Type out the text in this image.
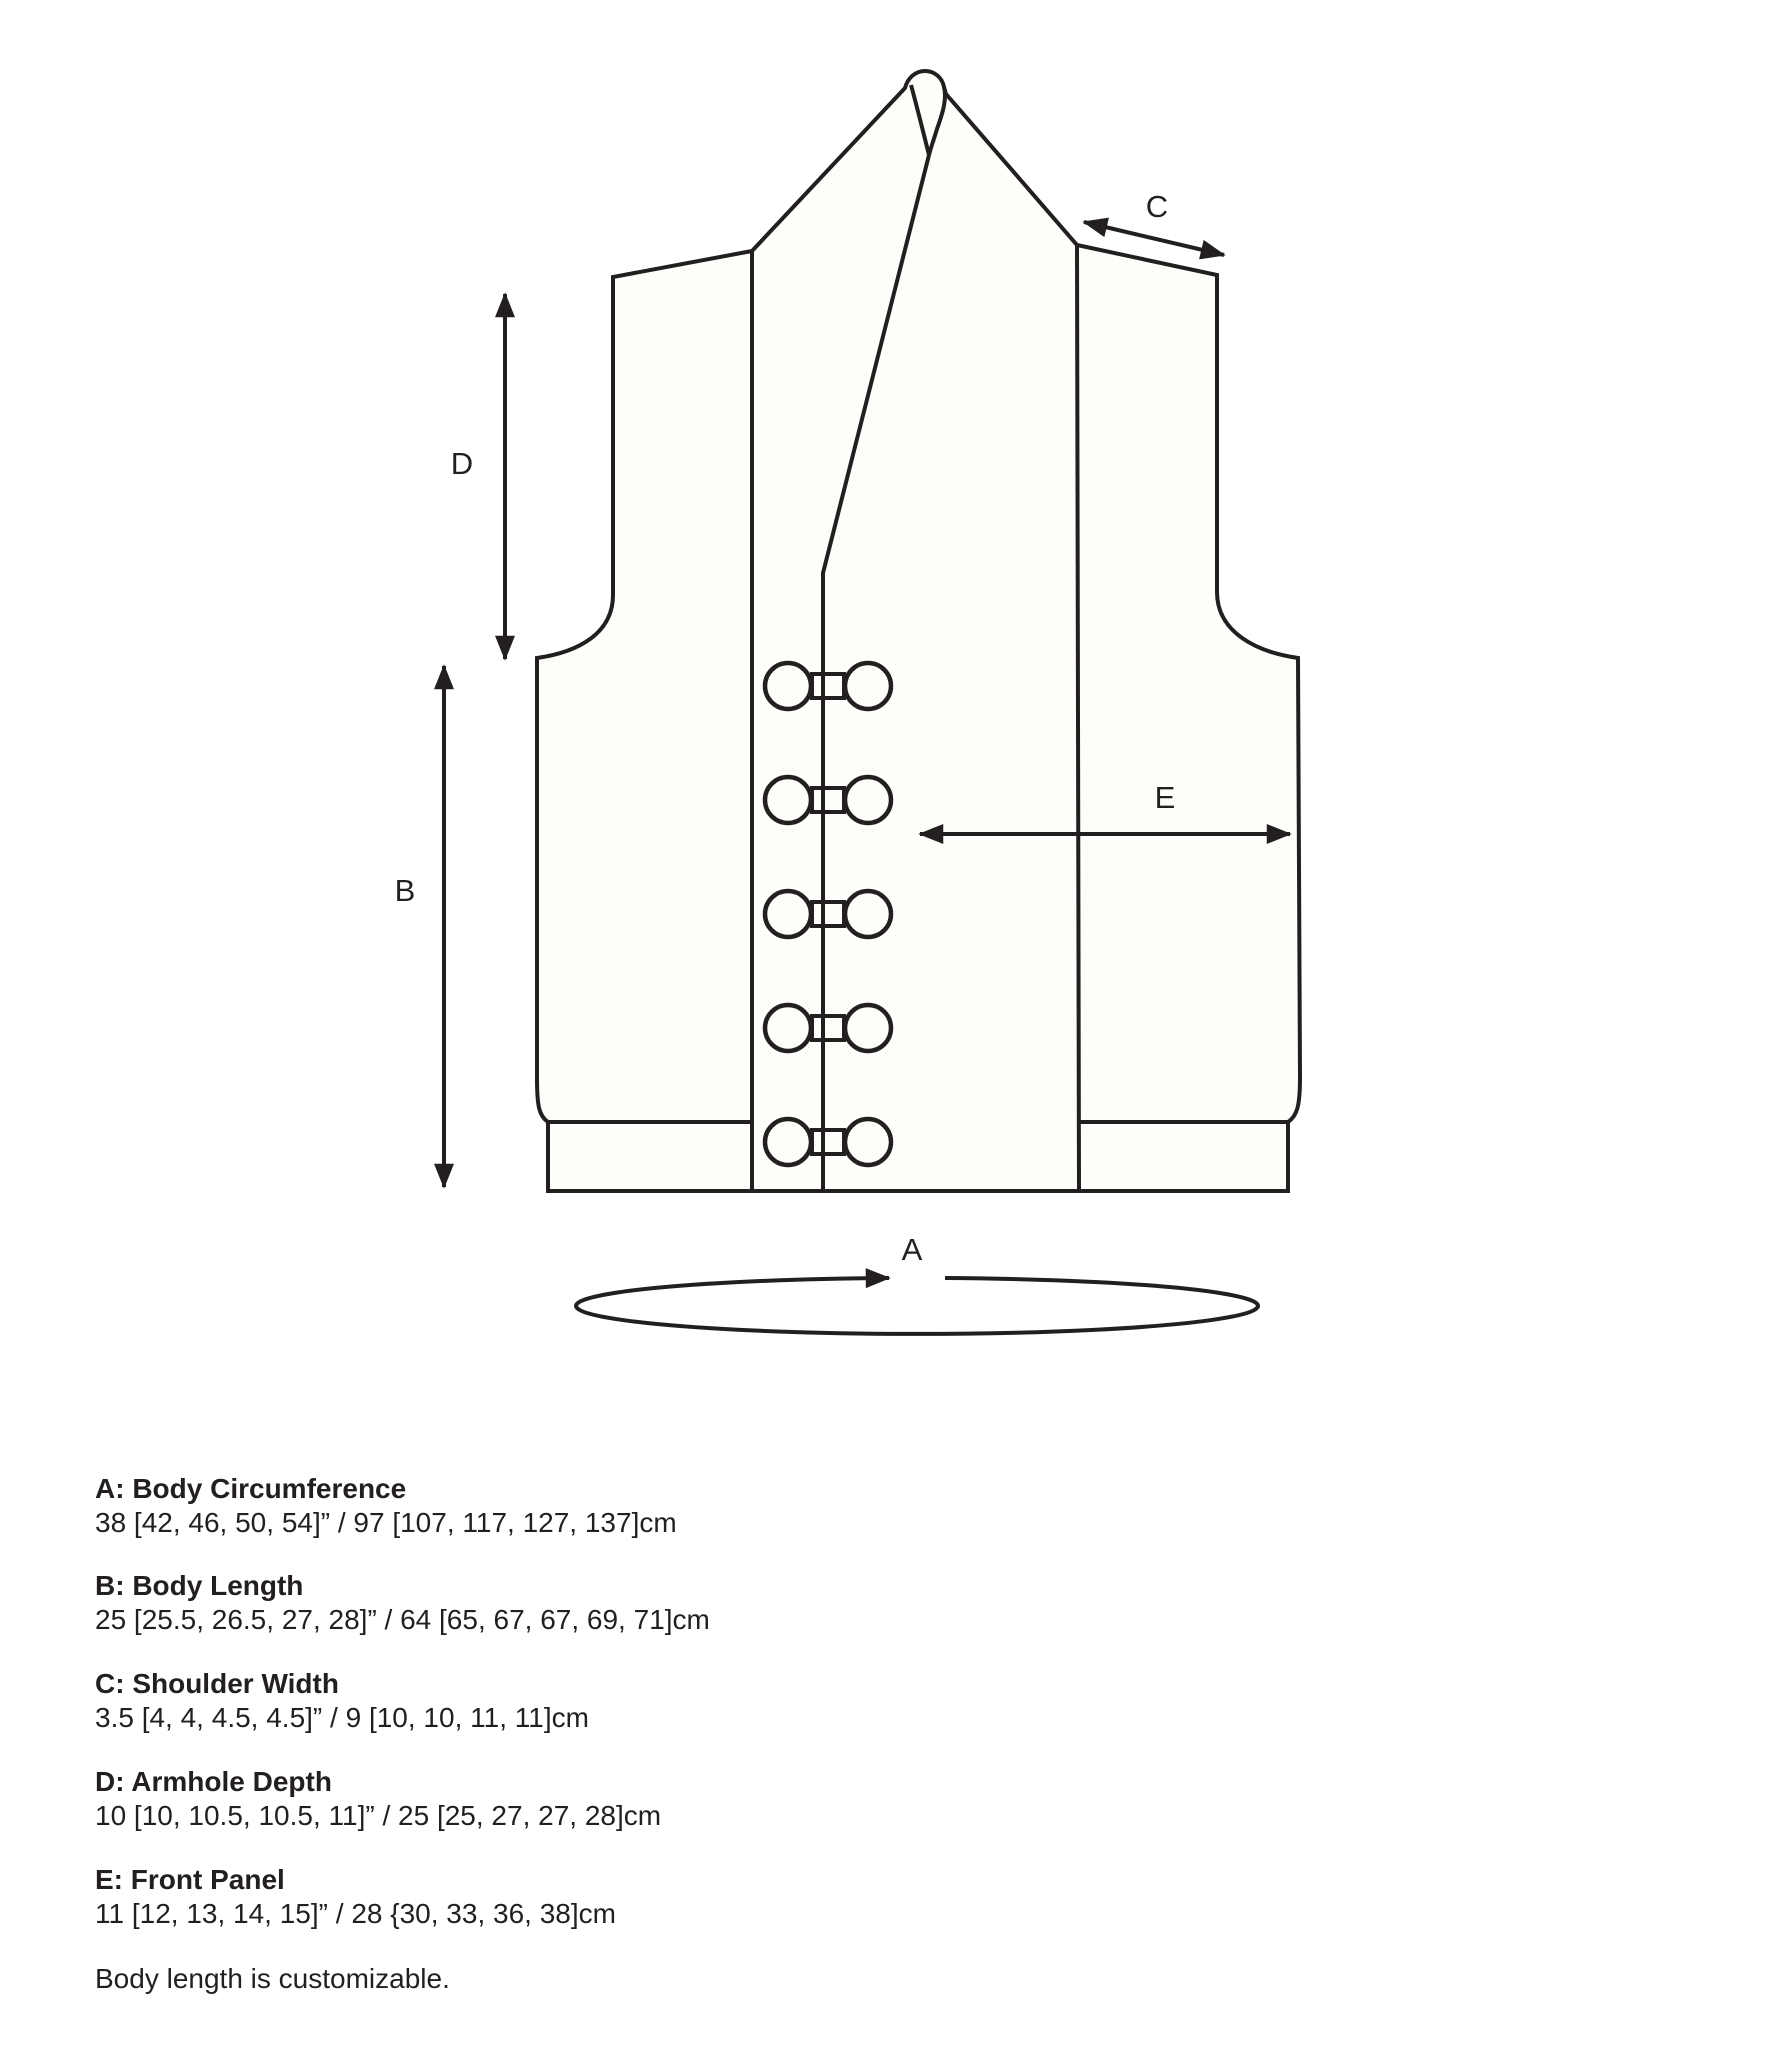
C
D
B
E
A
A: Body Circumference
38 [42, 46, 50, 54]” / 97 [107, 117, 127, 137]cm
B: Body Length
25 [25.5, 26.5, 27, 28]” / 64 [65, 67, 67, 69, 71]cm
C: Shoulder Width
3.5 [4, 4, 4.5, 4.5]” / 9 [10, 10, 11, 11]cm
D: Armhole Depth
10 [10, 10.5, 10.5, 11]” / 25 [25, 27, 27, 28]cm
E: Front Panel
11 [12, 13, 14, 15]” / 28 {30, 33, 36, 38]cm
Body length is customizable.
